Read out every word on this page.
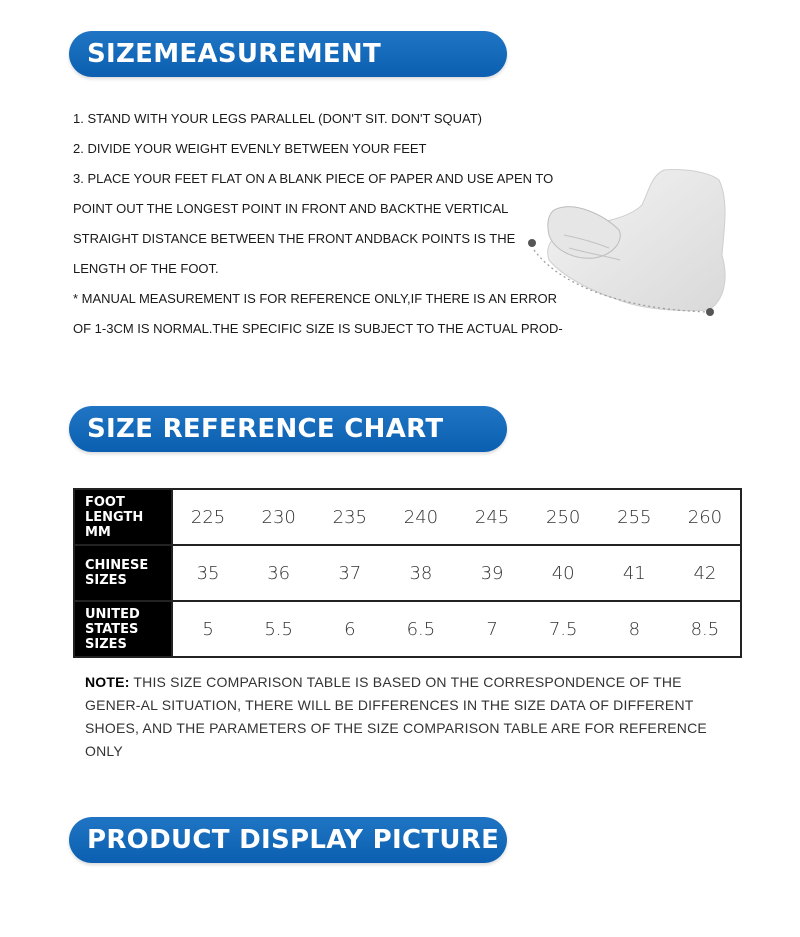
SIZEMEASUREMENT METHOD

1. STAND WITH YOUR LEGS PARALLEL (DON'T SIT. DON'T SQUAT)

2. DIVIDE YOUR WEIGHT EVENLY BETWEEN YOUR FEET

3. PLACE YOUR FEET FLAT ON A BLANK PIECE OF PAPER AND USE APEN TO

POINT OUT THE LONGEST POINT IN FRONT AND BACKTHE VERTICAL

STRAIGHT DISTANCE BETWEEN THE FRONT ANDBACK POINTS IS THE

LENGTH OF THE FOOT.

* MANUAL MEASUREMENT IS FOR REFERENCE ONLY,IF THERE IS AN ERROR

OF 1-3CM IS NORMAL.THE SPECIFIC SIZE IS SUBJECT TO THE ACTUAL PROD-

SIZE REFERENCE CHART
FOOT
LENGTH
MM	225	230	235	240	245	250	255	260

CHINESE
SIZES	35	36	37	38	39	40	41	42

UNITED
STATES
SIZES	5	5.5	6	6.5	7	7.5	8	8.5
NOTE: THIS SIZE COMPARISON TABLE IS BASED ON THE CORRESPONDENCE OF THE GENER-AL SITUATION, THERE WILL BE DIFFERENCES IN THE SIZE DATA OF DIFFERENT SHOES, AND THE PARAMETERS OF THE SIZE COMPARISON TABLE ARE FOR REFERENCE ONLY
PRODUCT DISPLAY PICTURE
